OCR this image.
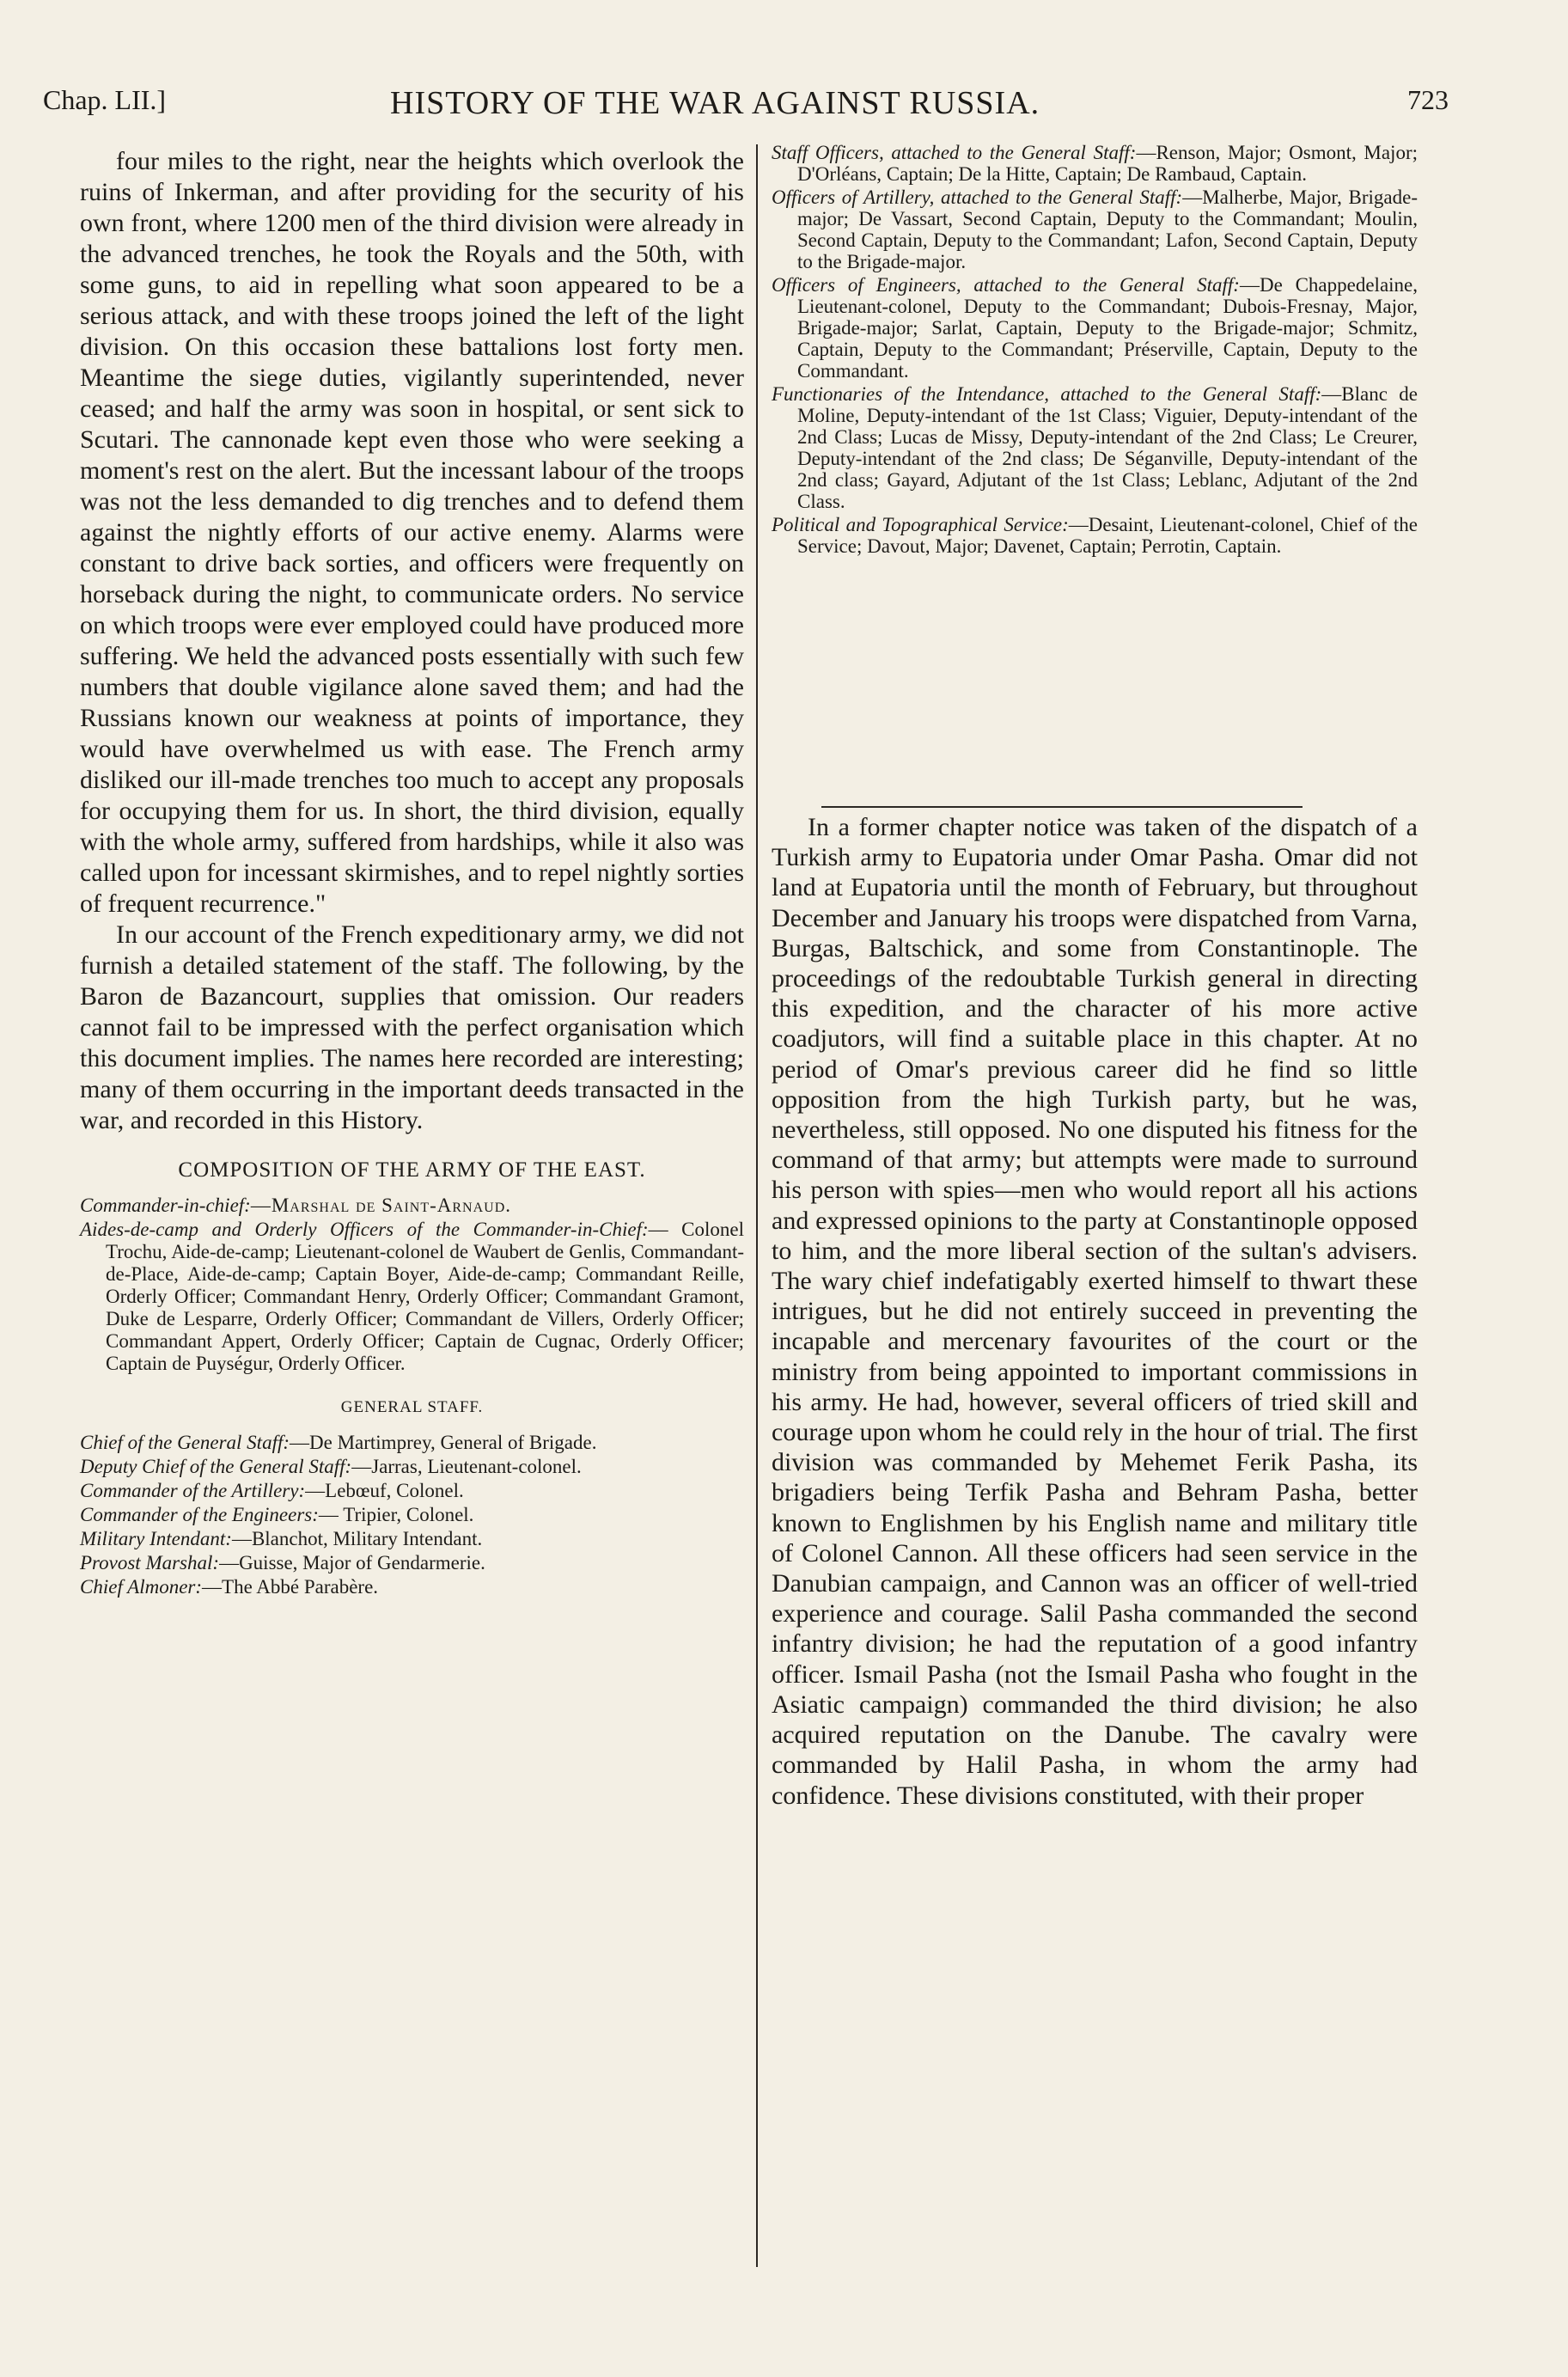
Chap. LII.]	HISTORY OF THE WAR AGAINST RUSSIA.	723

four miles to the right, near the heights which overlook the ruins of Inkerman, and after providing for the security of his own front, where 1200 men of the third division were already in the advanced trenches, he took the Royals and the 50th, with some guns, to aid in repelling what soon appeared to be a serious attack, and with these troops joined the left of the light division. On this occasion these battalions lost forty men. Meantime the siege duties, vigilantly superintended, never ceased; and half the army was soon in hospital, or sent sick to Scutari. The cannonade kept even those who were seeking a moment's rest on the alert. But the incessant labour of the troops was not the less demanded to dig trenches and to defend them against the nightly efforts of our active enemy. Alarms were constant to drive back sorties, and officers were frequently on horseback during the night, to communicate orders. No service on which troops were ever employed could have produced more suffering. We held the advanced posts essentially with such few numbers that double vigilance alone saved them; and had the Russians known our weakness at points of importance, they would have overwhelmed us with ease. The French army disliked our ill-made trenches too much to accept any proposals for occupying them for us. In short, the third division, equally with the whole army, suffered from hardships, while it also was called upon for incessant skirmishes, and to repel nightly sorties of frequent recurrence."

In our account of the French expeditionary army, we did not furnish a detailed statement of the staff. The following, by the Baron de Bazancourt, supplies that omission. Our readers cannot fail to be impressed with the perfect organisation which this document implies. The names here recorded are interesting; many of them occurring in the important deeds transacted in the war, and recorded in this History.

COMPOSITION OF THE ARMY OF THE EAST.

Commander-in-chief:—Marshal de Saint-Arnaud.

Aides-de-camp and Orderly Officers of the Commander-in-Chief:— Colonel Trochu, Aide-de-camp; Lieutenant-colonel de Waubert de Genlis, Commandant-de-Place, Aide-de-camp; Captain Boyer, Aide-de-camp; Commandant Reille, Orderly Officer; Commandant Henry, Orderly Officer; Commandant Gramont, Duke de Lesparre, Orderly Officer; Commandant de Villers, Orderly Officer; Commandant Appert, Orderly Officer; Captain de Cugnac, Orderly Officer; Captain de Puységur, Orderly Officer.

GENERAL STAFF.

Chief of the General Staff:—De Martimprey, General of Brigade.

Deputy Chief of the General Staff:—Jarras, Lieutenant-colonel.

Commander of the Artillery:—Lebœuf, Colonel.

Commander of the Engineers:— Tripier, Colonel.

Military Intendant:—Blanchot, Military Intendant.

Provost Marshal:—Guisse, Major of Gendarmerie.

Chief Almoner:—The Abbé Parabère.

Staff Officers, attached to the General Staff:—Renson, Major; Osmont, Major; D'Orléans, Captain; De la Hitte, Captain; De Rambaud, Captain.

Officers of Artillery, attached to the General Staff:—Malherbe, Major, Brigade-major; De Vassart, Second Captain, Deputy to the Commandant; Moulin, Second Captain, Deputy to the Commandant; Lafon, Second Captain, Deputy to the Brigade-major.

Officers of Engineers, attached to the General Staff:—De Chappedelaine, Lieutenant-colonel, Deputy to the Commandant; Dubois-Fresnay, Major, Brigade-major; Sarlat, Captain, Deputy to the Brigade-major; Schmitz, Captain, Deputy to the Commandant; Préserville, Captain, Deputy to the Commandant.

Functionaries of the Intendance, attached to the General Staff:—Blanc de Moline, Deputy-intendant of the 1st Class; Viguier, Deputy-intendant of the 2nd Class; Lucas de Missy, Deputy-intendant of the 2nd Class; Le Creurer, Deputy-intendant of the 2nd class; De Séganville, Deputy-intendant of the 2nd class; Gayard, Adjutant of the 1st Class; Leblanc, Adjutant of the 2nd Class.

Political and Topographical Service:—Desaint, Lieutenant-colonel, Chief of the Service; Davout, Major; Davenet, Captain; Perrotin, Captain.

In a former chapter notice was taken of the dispatch of a Turkish army to Eupatoria under Omar Pasha. Omar did not land at Eupatoria until the month of February, but throughout December and January his troops were dispatched from Varna, Burgas, Baltschick, and some from Constantinople. The proceedings of the redoubtable Turkish general in directing this expedition, and the character of his more active coadjutors, will find a suitable place in this chapter. At no period of Omar's previous career did he find so little opposition from the high Turkish party, but he was, nevertheless, still opposed. No one disputed his fitness for the command of that army; but attempts were made to surround his person with spies—men who would report all his actions and expressed opinions to the party at Constantinople opposed to him, and the more liberal section of the sultan's advisers. The wary chief indefatigably exerted himself to thwart these intrigues, but he did not entirely succeed in preventing the incapable and mercenary favourites of the court or the ministry from being appointed to important commissions in his army. He had, however, several officers of tried skill and courage upon whom he could rely in the hour of trial. The first division was commanded by Mehemet Ferik Pasha, its brigadiers being Terfik Pasha and Behram Pasha, better known to Englishmen by his English name and military title of Colonel Cannon. All these officers had seen service in the Danubian campaign, and Cannon was an officer of well-tried experience and courage. Salil Pasha commanded the second infantry division; he had the reputation of a good infantry officer. Ismail Pasha (not the Ismail Pasha who fought in the Asiatic campaign) commanded the third division; he also acquired reputation on the Danube. The cavalry were commanded by Halil Pasha, in whom the army had confidence. These divisions constituted, with their proper
